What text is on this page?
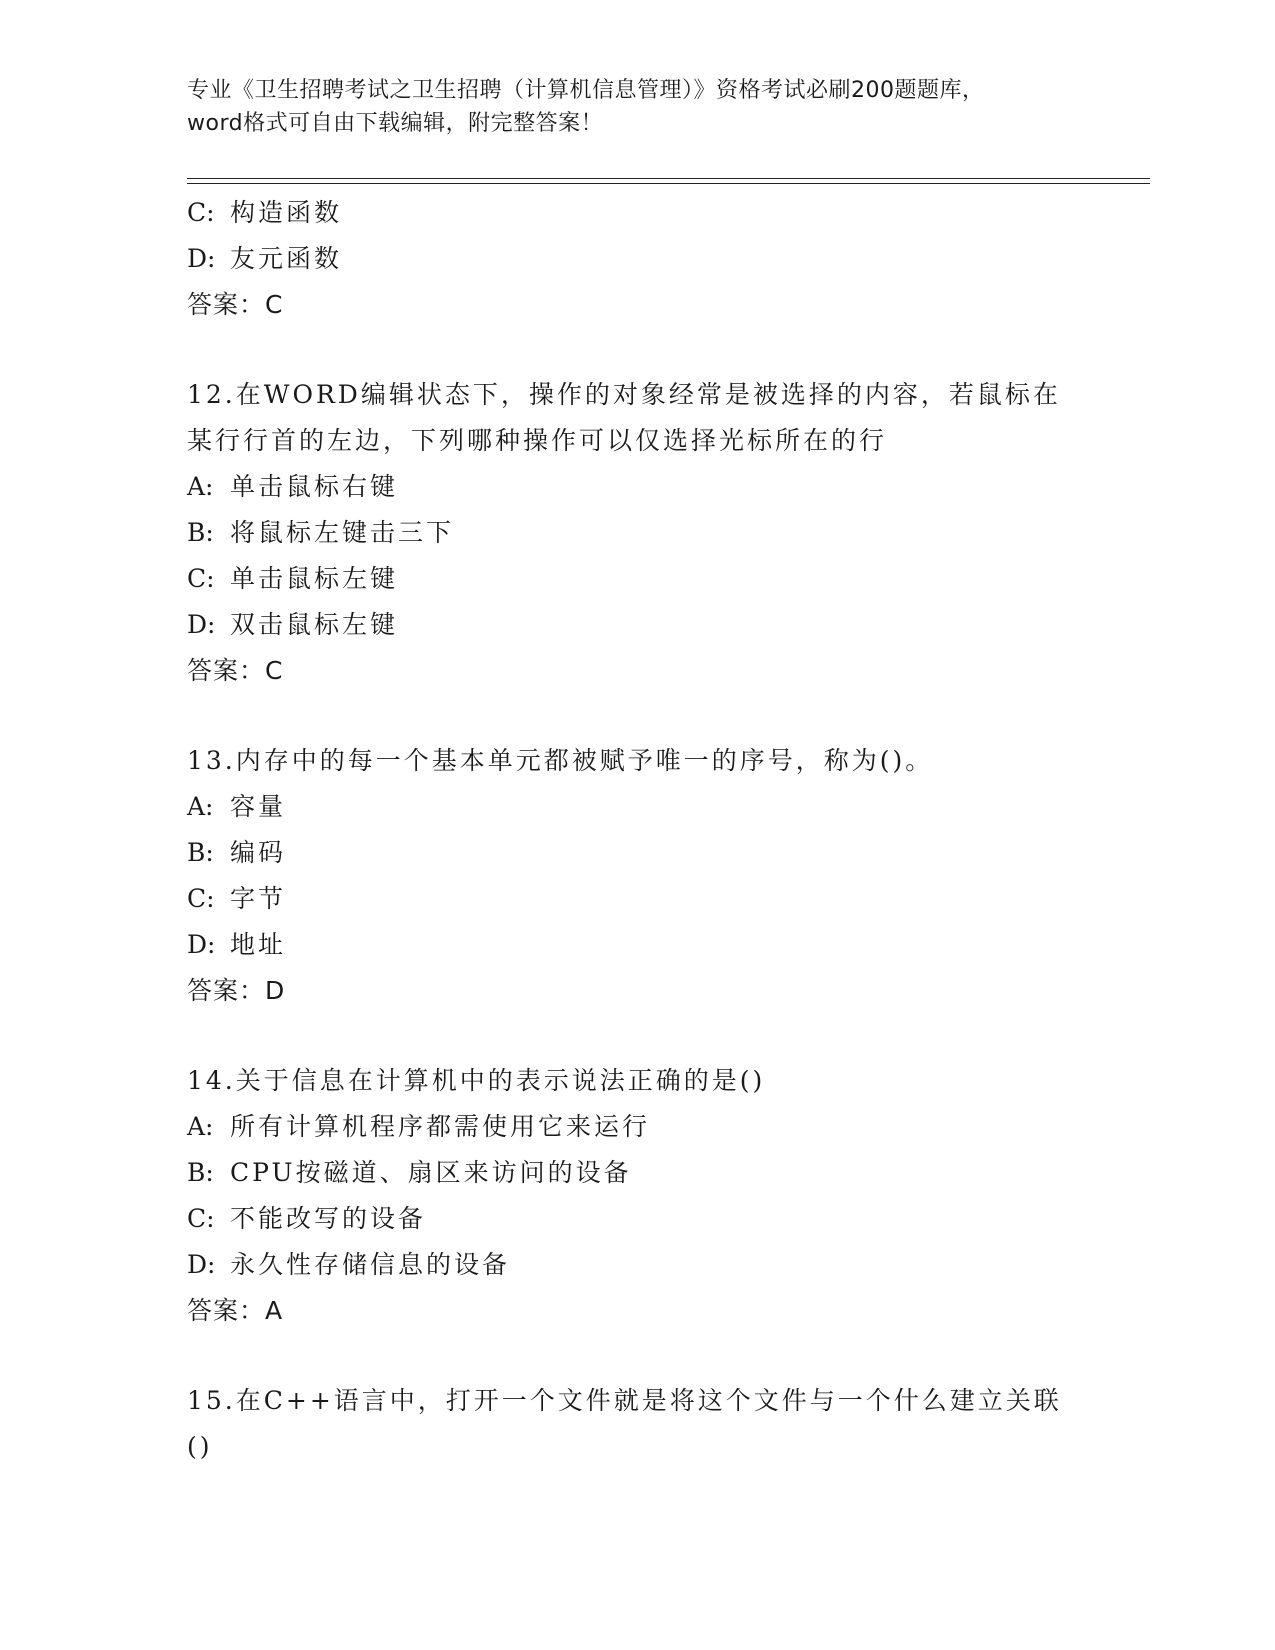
专业《卫生招聘考试之卫生招聘（计算机信息管理）》资格考试必刷200题题库，
word格式可自由下载编辑，附完整答案！
C: 构造函数
D: 友元函数
答案：C
12.在WORD编辑状态下，操作的对象经常是被选择的内容，若鼠标在
某行行首的左边，下列哪种操作可以仅选择光标所在的行
A: 单击鼠标右键
B: 将鼠标左键击三下
C: 单击鼠标左键
D: 双击鼠标左键
答案：C
13.内存中的每一个基本单元都被赋予唯一的序号，称为()。
A: 容量
B: 编码
C: 字节
D: 地址
答案：D
14.关于信息在计算机中的表示说法正确的是()
A: 所有计算机程序都需使用它来运行
B: CPU按磁道、扇区来访问的设备
C: 不能改写的设备
D: 永久性存储信息的设备
答案：A
15.在C++语言中，打开一个文件就是将这个文件与一个什么建立关联
()
